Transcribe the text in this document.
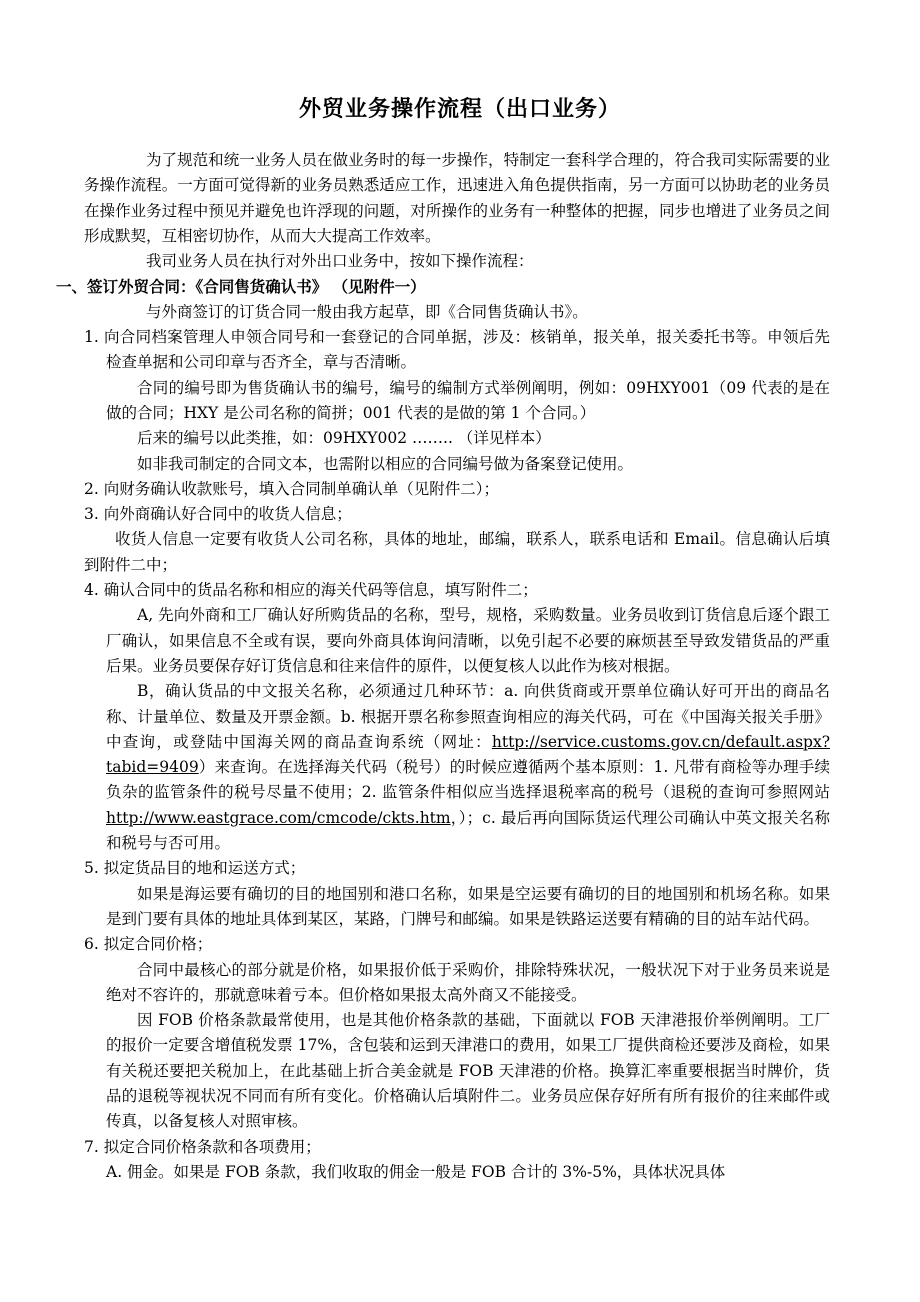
外贸业务操作流程（出口业务）

为了规范和统一业务人员在做业务时的每一步操作，特制定一套科学合理的，符合我司实际需要的业务操作流程。一方面可觉得新的业务员熟悉适应工作，迅速进入角色提供指南，另一方面可以协助老的业务员在操作业务过程中预见并避免也许浮现的问题，对所操作的业务有一种整体的把握，同步也增进了业务员之间形成默契，互相密切协作，从而大大提高工作效率。

我司业务人员在执行对外出口业务中，按如下操作流程：

一、签订外贸合同：《合同售货确认书》 （见附件一）

与外商签订的订货合同一般由我方起草，即《合同售货确认书》。

1. 向合同档案管理人申领合同号和一套登记的合同单据，涉及：核销单，报关单，报关委托书等。申领后先检查单据和公司印章与否齐全，章与否清晰。

合同的编号即为售货确认书的编号，编号的编制方式举例阐明，例如：09HXY001（09 代表的是在做的合同；HXY 是公司名称的简拼；001 代表的是做的第 1 个合同。）

后来的编号以此类推，如：09HXY002 …….. （详见样本）

如非我司制定的合同文本，也需附以相应的合同编号做为备案登记使用。

2. 向财务确认收款账号，填入合同制单确认单（见附件二）；

3. 向外商确认好合同中的收货人信息；

收货人信息一定要有收货人公司名称，具体的地址，邮编，联系人，联系电话和 Email。信息确认后填到附件二中；

4. 确认合同中的货品名称和相应的海关代码等信息，填写附件二；

A, 先向外商和工厂确认好所购货品的名称，型号，规格，采购数量。业务员收到订货信息后逐个跟工厂确认，如果信息不全或有误，要向外商具体询问清晰，以免引起不必要的麻烦甚至导致发错货品的严重后果。业务员要保存好订货信息和往来信件的原件，以便复核人以此作为核对根据。

B，确认货品的中文报关名称，必须通过几种环节：a. 向供货商或开票单位确认好可开出的商品名称、计量单位、数量及开票金额。b. 根据开票名称参照查询相应的海关代码，可在《中国海关报关手册》中查询，或登陆中国海关网的商品查询系统（网址：http://service.customs.gov.cn/default.aspx?tabid=9409）来查询。在选择海关代码（税号）的时候应遵循两个基本原则：1. 凡带有商检等办理手续负杂的监管条件的税号尽量不使用；2. 监管条件相似应当选择退税率高的税号（退税的查询可参照网站http://www.eastgrace.com/cmcode/ckts.htm，）；c. 最后再向国际货运代理公司确认中英文报关名称和税号与否可用。

5. 拟定货品目的地和运送方式；

如果是海运要有确切的目的地国别和港口名称，如果是空运要有确切的目的地国别和机场名称。如果是到门要有具体的地址具体到某区，某路，门牌号和邮编。如果是铁路运送要有精确的目的站车站代码。

6. 拟定合同价格；

合同中最核心的部分就是价格，如果报价低于采购价，排除特殊状况，一般状况下对于业务员来说是绝对不容许的，那就意味着亏本。但价格如果报太高外商又不能接受。

因 FOB 价格条款最常使用，也是其他价格条款的基础，下面就以 FOB 天津港报价举例阐明。工厂的报价一定要含增值税发票 17%，含包装和运到天津港口的费用，如果工厂提供商检还要涉及商检，如果有关税还要把关税加上，在此基础上折合美金就是 FOB 天津港的价格。换算汇率重要根据当时牌价，货品的退税等视状况不同而有所有变化。价格确认后填附件二。业务员应保存好所有所有报价的往来邮件或传真，以备复核人对照审核。

7. 拟定合同价格条款和各项费用；

A. 佣金。如果是 FOB 条款，我们收取的佣金一般是 FOB 合计的 3%-5%，具体状况具体
